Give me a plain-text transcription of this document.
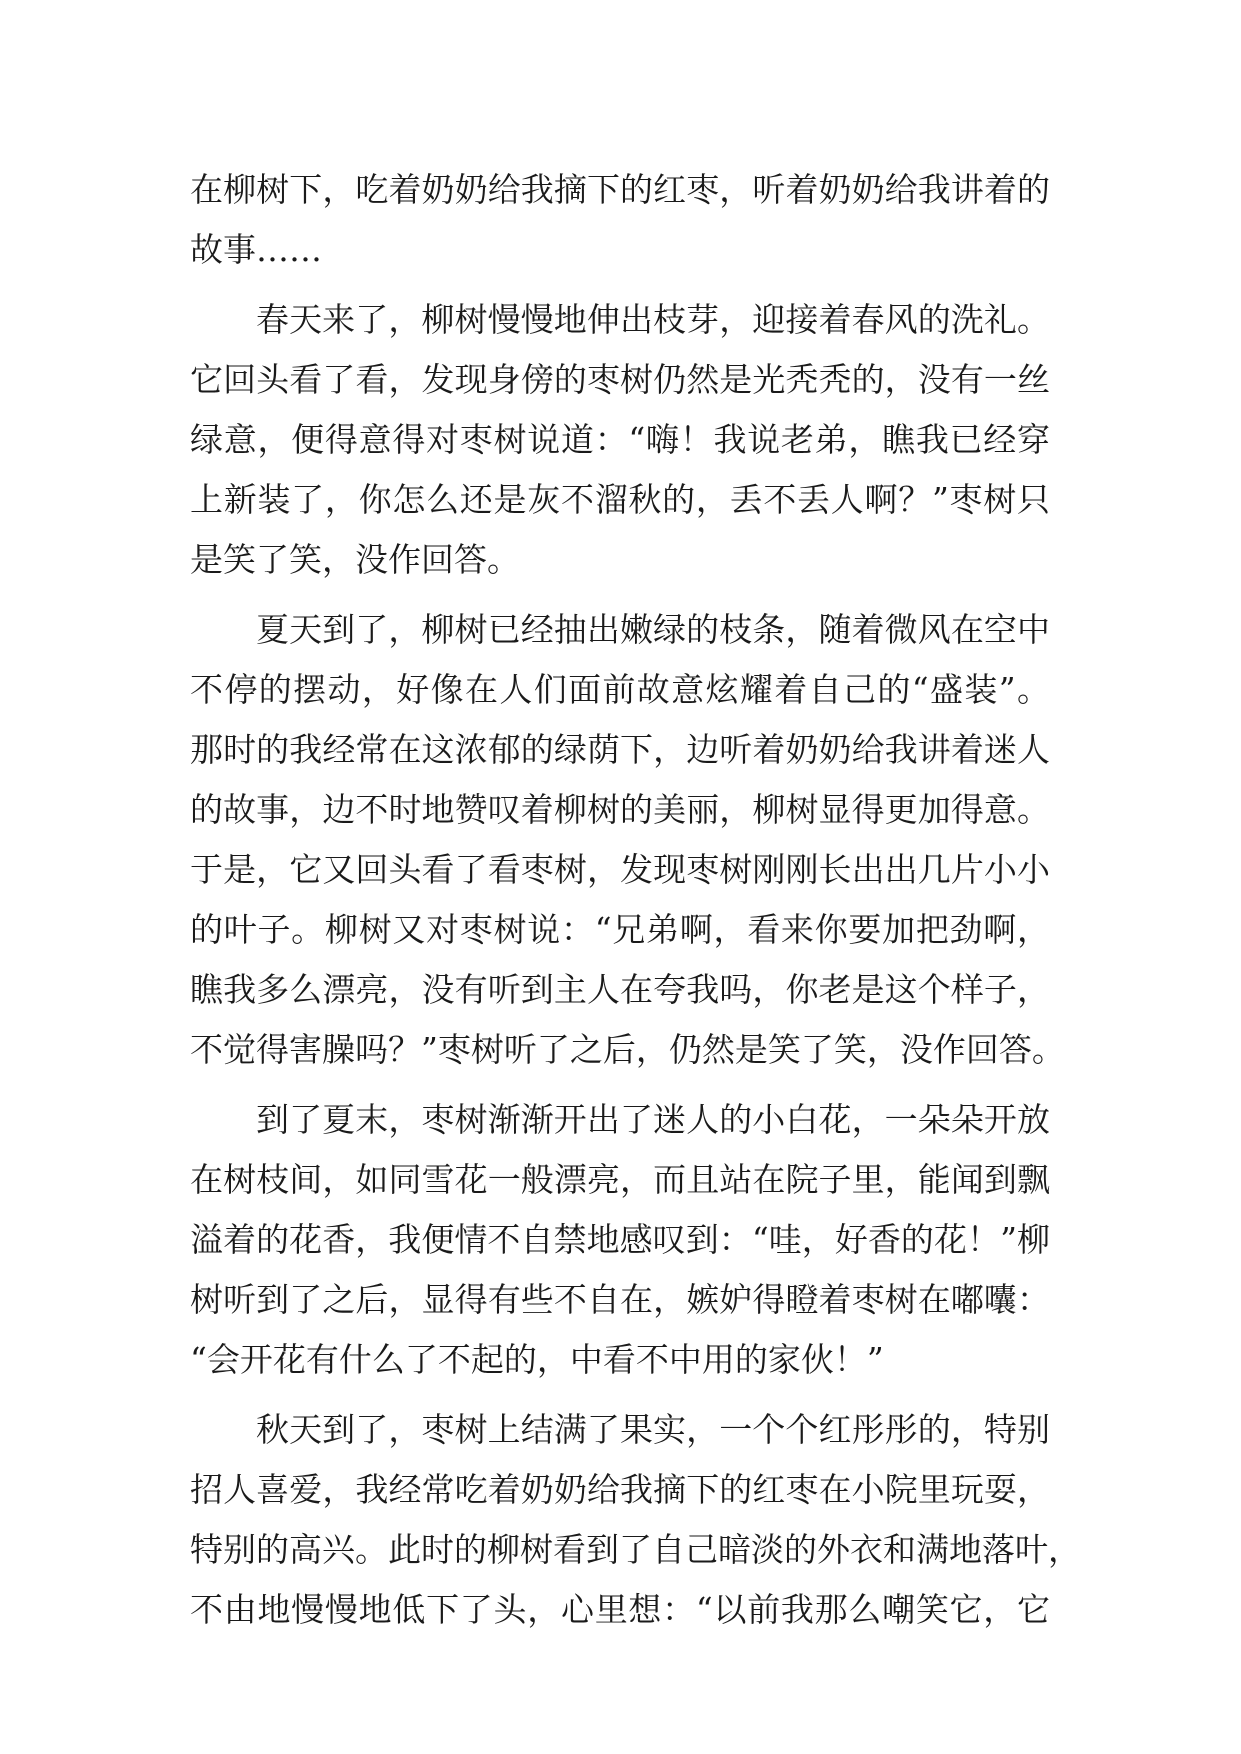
在柳树下，吃着奶奶给我摘下的红枣，听着奶奶给我讲着的
故事……
春天来了，柳树慢慢地伸出枝芽，迎接着春风的洗礼。
它回头看了看，发现身傍的枣树仍然是光秃秃的，没有一丝
绿意，便得意得对枣树说道：“嗨！我说老弟，瞧我已经穿
上新装了，你怎么还是灰不溜秋的，丢不丢人啊？”枣树只
是笑了笑，没作回答。
夏天到了，柳树已经抽出嫩绿的枝条，随着微风在空中
不停的摆动，好像在人们面前故意炫耀着自己的“盛装”。
那时的我经常在这浓郁的绿荫下，边听着奶奶给我讲着迷人
的故事，边不时地赞叹着柳树的美丽，柳树显得更加得意。
于是，它又回头看了看枣树，发现枣树刚刚长出出几片小小
的叶子。柳树又对枣树说：“兄弟啊，看来你要加把劲啊，
瞧我多么漂亮，没有听到主人在夸我吗，你老是这个样子，
不觉得害臊吗？”枣树听了之后，仍然是笑了笑，没作回答。
到了夏末，枣树渐渐开出了迷人的小白花，一朵朵开放
在树枝间，如同雪花一般漂亮，而且站在院子里，能闻到飘
溢着的花香，我便情不自禁地感叹到：“哇，好香的花！”柳
树听到了之后，显得有些不自在，嫉妒得瞪着枣树在嘟囔：
“会开花有什么了不起的，中看不中用的家伙！”
秋天到了，枣树上结满了果实，一个个红彤彤的，特别
招人喜爱，我经常吃着奶奶给我摘下的红枣在小院里玩耍，
特别的高兴。此时的柳树看到了自己暗淡的外衣和满地落叶，
不由地慢慢地低下了头，心里想：“以前我那么嘲笑它，它
